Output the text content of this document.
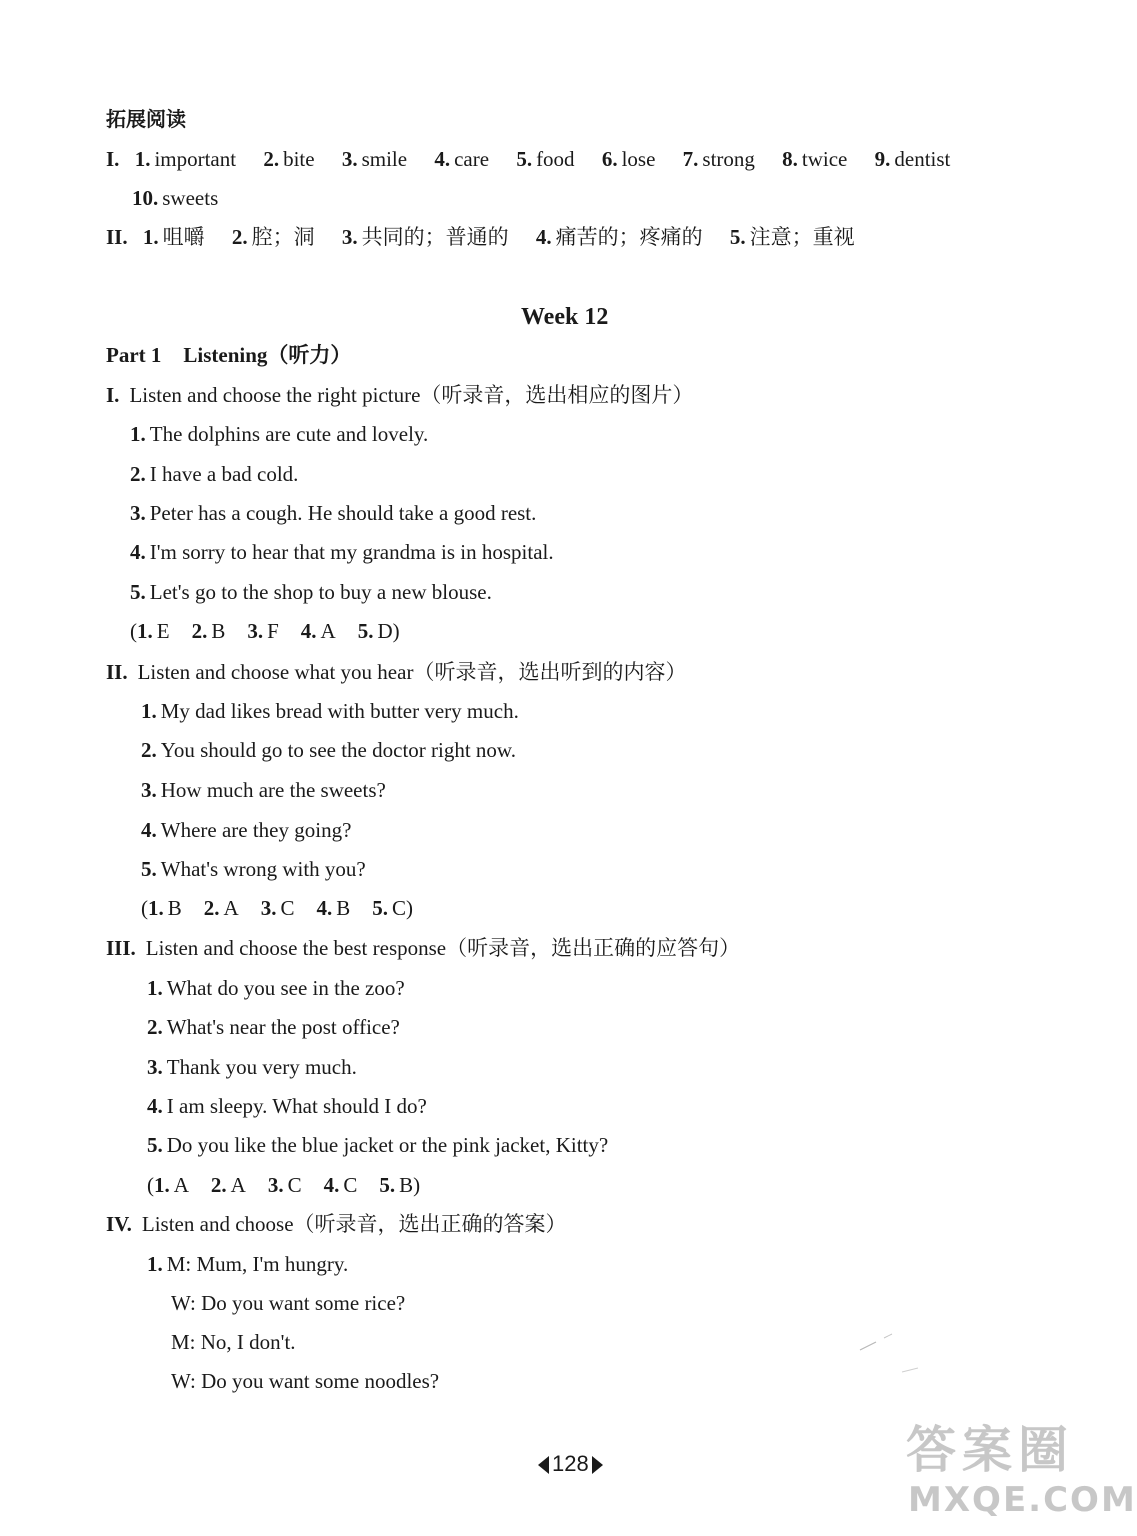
拓展阅读
I. 1. important 2. bite 3. smile 4. care 5. food 6. lose 7. strong 8. twice 9. dentist
10. sweets
II. 1. 咀嚼 2. 腔；洞 3. 共同的；普通的 4. 痛苦的；疼痛的 5. 注意；重视
Week 12
Part 1 Listening（听力）
I. Listen and choose the right picture（听录音，选出相应的图片）
1. The dolphins are cute and lovely.
2. I have a bad cold.
3. Peter has a cough. He should take a good rest.
4. I'm sorry to hear that my grandma is in hospital.
5. Let's go to the shop to buy a new blouse.
(1. E 2. B 3. F 4. A 5. D)
II. Listen and choose what you hear（听录音，选出听到的内容）
1. My dad likes bread with butter very much.
2. You should go to see the doctor right now.
3. How much are the sweets?
4. Where are they going?
5. What's wrong with you?
(1. B 2. A 3. C 4. B 5. C)
III. Listen and choose the best response（听录音，选出正确的应答句）
1. What do you see in the zoo?
2. What's near the post office?
3. Thank you very much.
4. I am sleepy. What should I do?
5. Do you like the blue jacket or the pink jacket, Kitty?
(1. A 2. A 3. C 4. C 5. B)
IV. Listen and choose（听录音，选出正确的答案）
1. M: Mum, I'm hungry.
W: Do you want some rice?
M: No, I don't.
W: Do you want some noodles?
128	答案圈
MXQE.COM
